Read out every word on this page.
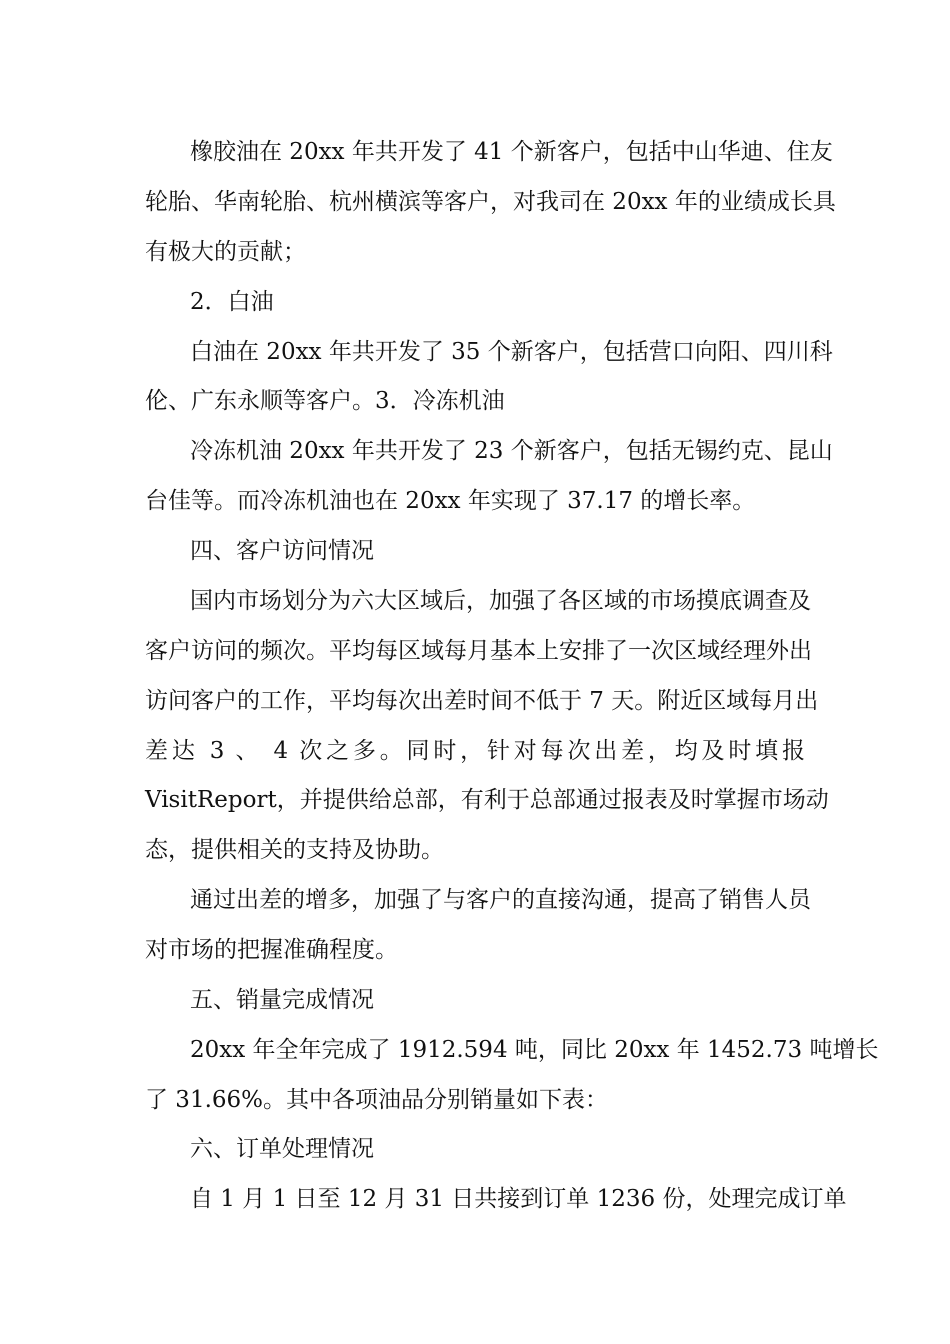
橡胶油在 20xx 年共开发了 41 个新客户，包括中山华迪、住友
轮胎、华南轮胎、杭州横滨等客户，对我司在 20xx 年的业绩成长具
有极大的贡献；
2．白油
白油在 20xx 年共开发了 35 个新客户，包括营口向阳、四川科
伦、广东永顺等客户。3．冷冻机油
冷冻机油 20xx 年共开发了 23 个新客户，包括无锡约克、昆山
台佳等。而冷冻机油也在 20xx 年实现了 37.17 的增长率。
四、客户访问情况
国内市场划分为六大区域后，加强了各区域的市场摸底调查及
客户访问的频次。平均每区域每月基本上安排了一次区域经理外出
访问客户的工作，平均每次出差时间不低于 7 天。附近区域每月出
差达 3 、 4 次之多。同时，针对每次出差，均及时填报
VisitReport，并提供给总部，有利于总部通过报表及时掌握市场动
态，提供相关的支持及协助。
通过出差的增多，加强了与客户的直接沟通，提高了销售人员
对市场的把握准确程度。
五、销量完成情况
20xx 年全年完成了 1912.594 吨，同比 20xx 年 1452.73 吨增长
了 31.66%。其中各项油品分别销量如下表：
六、订单处理情况
自 1 月 1 日至 12 月 31 日共接到订单 1236 份，处理完成订单
